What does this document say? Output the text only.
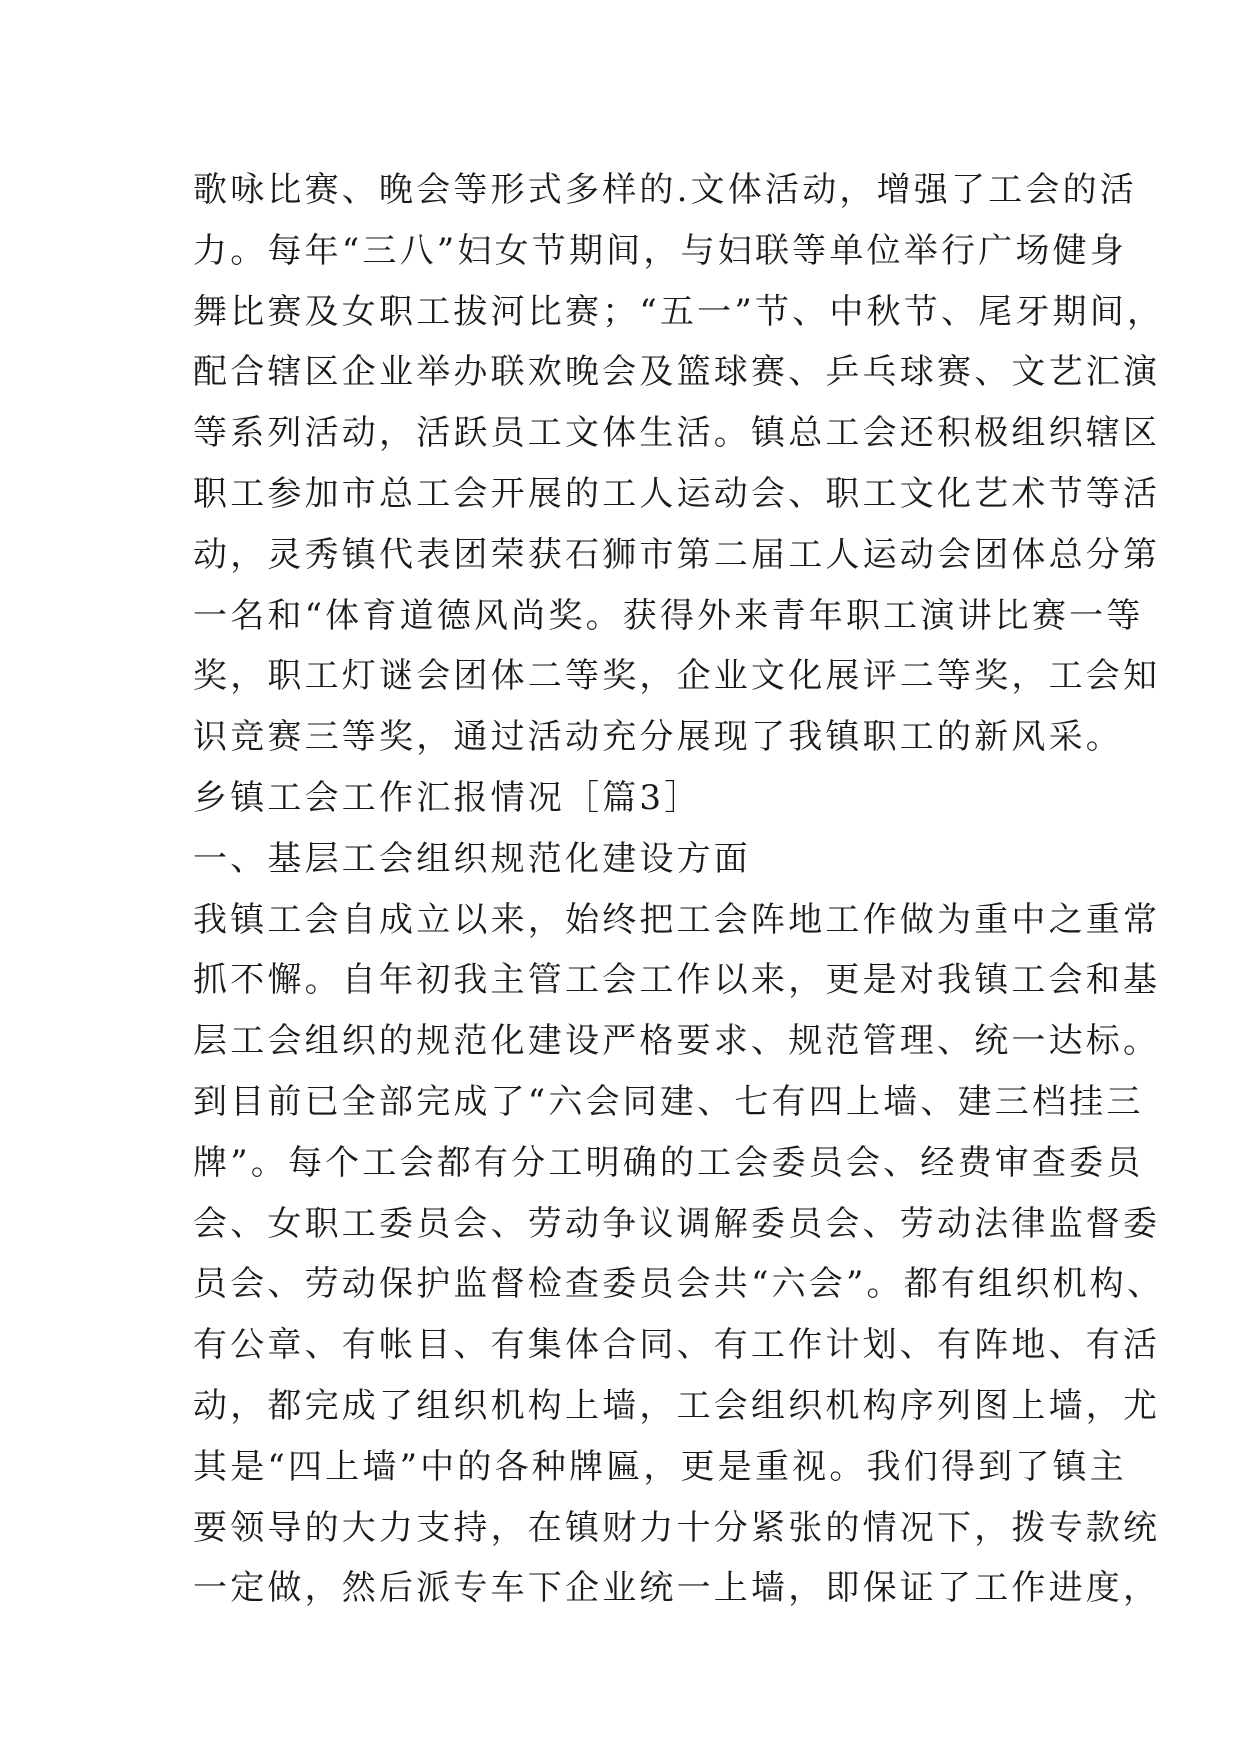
歌咏比赛、晚会等形式多样的.文体活动，增强了工会的活
力。每年“三八”妇女节期间，与妇联等单位举行广场健身
舞比赛及女职工拔河比赛；“五一”节、中秋节、尾牙期间，
配合辖区企业举办联欢晚会及篮球赛、乒乓球赛、文艺汇演
等系列活动，活跃员工文体生活。镇总工会还积极组织辖区
职工参加市总工会开展的工人运动会、职工文化艺术节等活
动，灵秀镇代表团荣获石狮市第二届工人运动会团体总分第
一名和“体育道德风尚奖。获得外来青年职工演讲比赛一等
奖，职工灯谜会团体二等奖，企业文化展评二等奖，工会知
识竞赛三等奖，通过活动充分展现了我镇职工的新风采。
乡镇工会工作汇报情况［篇3］
一、基层工会组织规范化建设方面
我镇工会自成立以来，始终把工会阵地工作做为重中之重常
抓不懈。自年初我主管工会工作以来，更是对我镇工会和基
层工会组织的规范化建设严格要求、规范管理、统一达标。
到目前已全部完成了“六会同建、七有四上墙、建三档挂三
牌”。每个工会都有分工明确的工会委员会、经费审查委员
会、女职工委员会、劳动争议调解委员会、劳动法律监督委
员会、劳动保护监督检查委员会共“六会”。都有组织机构、
有公章、有帐目、有集体合同、有工作计划、有阵地、有活
动，都完成了组织机构上墙，工会组织机构序列图上墙，尤
其是“四上墙”中的各种牌匾，更是重视。我们得到了镇主
要领导的大力支持，在镇财力十分紧张的情况下，拨专款统
一定做，然后派专车下企业统一上墙，即保证了工作进度，
